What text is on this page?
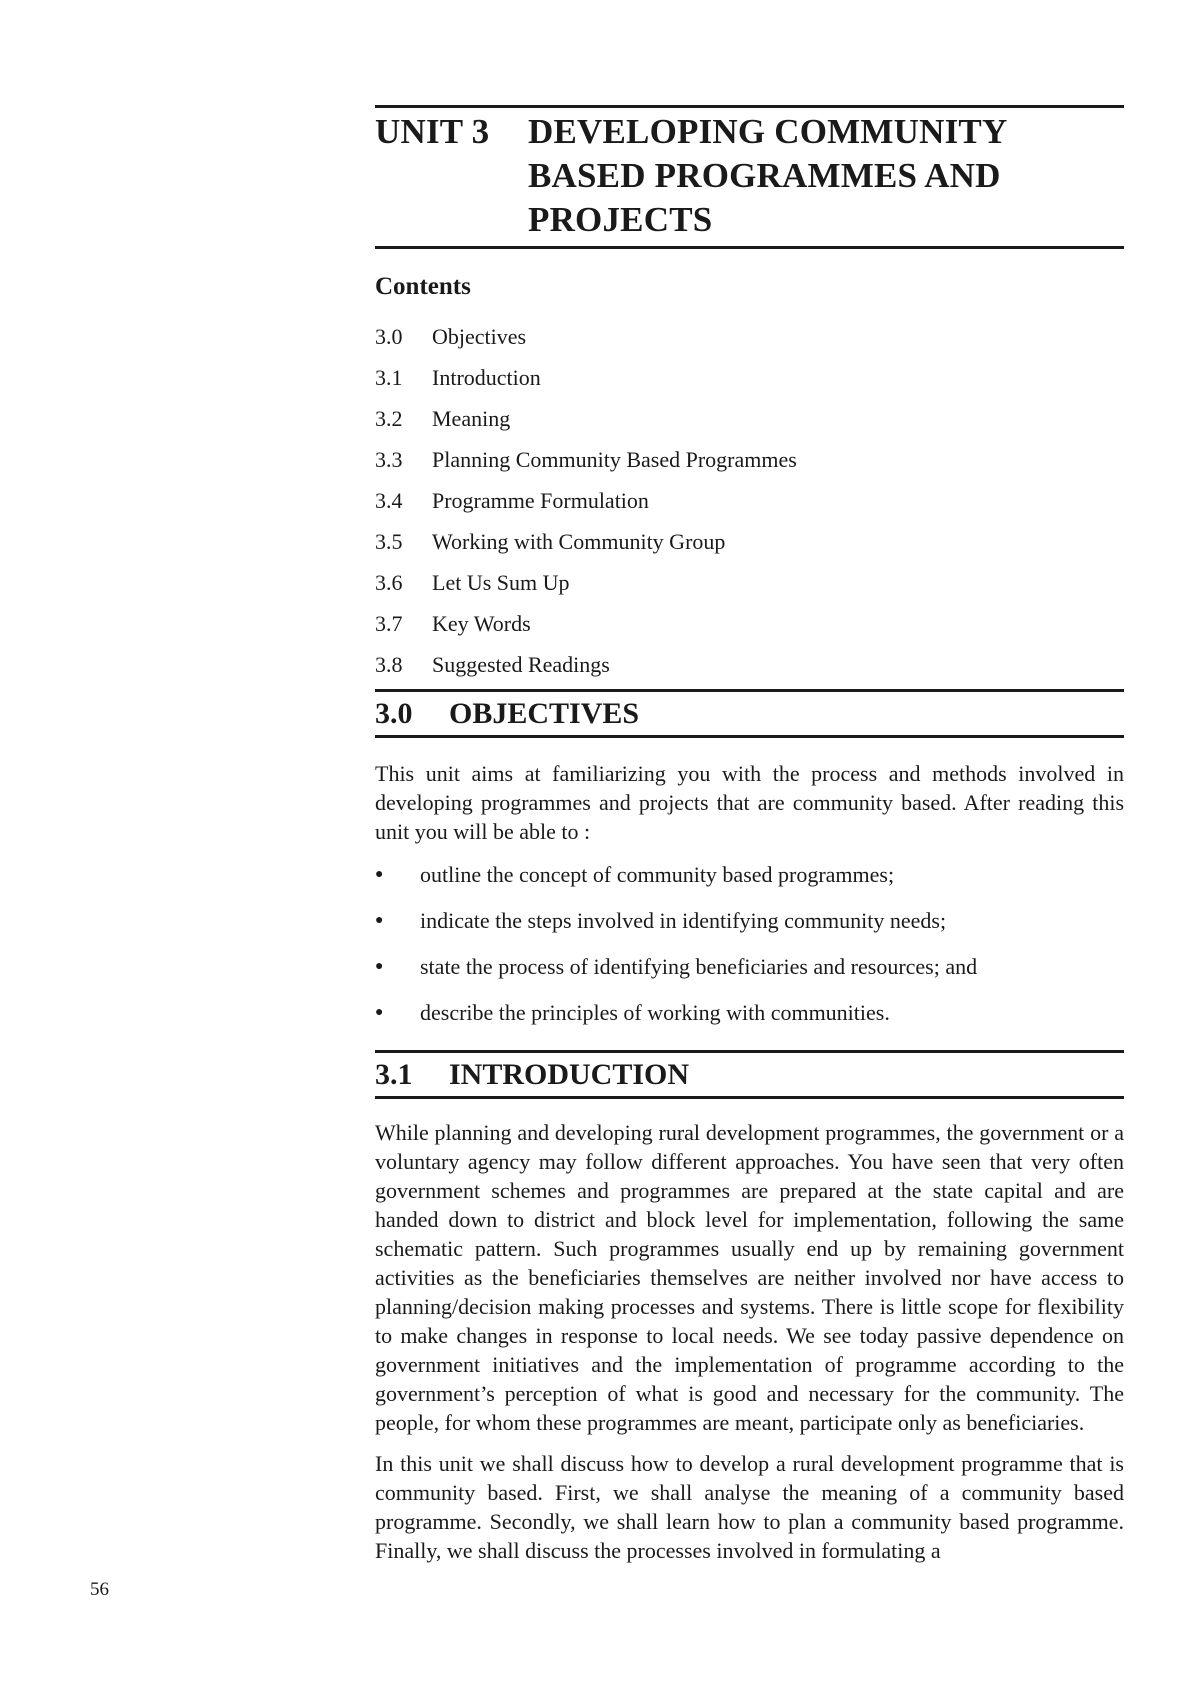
UNIT 3	DEVELOPING COMMUNITY
BASED PROGRAMMES AND
PROJECTS
Contents
3.0	Objectives
3.1	Introduction
3.2	Meaning
3.3	Planning Community Based Programmes
3.4	Programme Formulation
3.5	Working with Community Group
3.6	Let Us Sum Up
3.7	Key Words
3.8	Suggested Readings
3.0	OBJECTIVES

This unit aims at familiarizing you with the process and methods involved in developing programmes and projects that are community based. After reading this unit you will be able to :

●	outline the concept of community based programmes;
●	indicate the steps involved in identifying community needs;
●	state the process of identifying beneficiaries and resources; and
●	describe the principles of working with communities.
3.1	INTRODUCTION

While planning and developing rural development programmes, the government or a voluntary agency may follow different approaches. You have seen that very often government schemes and programmes are prepared at the state capital and are handed down to district and block level for implementation, following the same schematic pattern. Such programmes usually end up by remaining government activities as the beneficiaries themselves are neither involved nor have access to planning/decision making processes and systems. There is little scope for flexibility to make changes in response to local needs. We see today passive dependence on government initiatives and the implementation of programme according to the government’s perception of what is good and necessary for the community. The people, for whom these programmes are meant, participate only as beneficiaries.

In this unit we shall discuss how to develop a rural development programme that is community based. First, we shall analyse the meaning of a community based programme. Secondly, we shall learn how to plan a community based programme. Finally, we shall discuss the processes involved in formulating a

56
